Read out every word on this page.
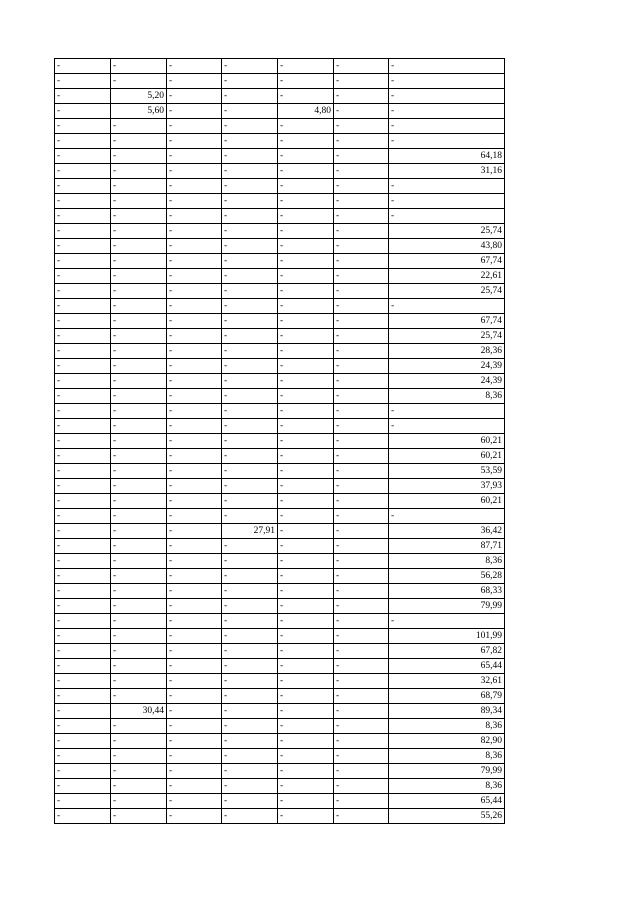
-	-	-	-	-	-	-
-	-	-	-	-	-	-
-	5,20	-	-	-	-	-
-	5,60	-	-	4,80	-	-
-	-	-	-	-	-	-
-	-	-	-	-	-	-
-	-	-	-	-	-	64,18
-	-	-	-	-	-	31,16
-	-	-	-	-	-	-
-	-	-	-	-	-	-
-	-	-	-	-	-	-
-	-	-	-	-	-	25,74
-	-	-	-	-	-	43,80
-	-	-	-	-	-	67,74
-	-	-	-	-	-	22,61
-	-	-	-	-	-	25,74
-	-	-	-	-	-	-
-	-	-	-	-	-	67,74
-	-	-	-	-	-	25,74
-	-	-	-	-	-	28,36
-	-	-	-	-	-	24,39
-	-	-	-	-	-	24,39
-	-	-	-	-	-	8,36
-	-	-	-	-	-	-
-	-	-	-	-	-	-
-	-	-	-	-	-	60,21
-	-	-	-	-	-	60,21
-	-	-	-	-	-	53,59
-	-	-	-	-	-	37,93
-	-	-	-	-	-	60,21
-	-	-	-	-	-	-
-	-	-	27,91	-	-	36,42
-	-	-	-	-	-	87,71
-	-	-	-	-	-	8,36
-	-	-	-	-	-	56,28
-	-	-	-	-	-	68,33
-	-	-	-	-	-	79,99
-	-	-	-	-	-	-
-	-	-	-	-	-	101,99
-	-	-	-	-	-	67,82
-	-	-	-	-	-	65,44
-	-	-	-	-	-	32,61
-	-	-	-	-	-	68,79
-	30,44	-	-	-	-	89,34
-	-	-	-	-	-	8,36
-	-	-	-	-	-	82,90
-	-	-	-	-	-	8,36
-	-	-	-	-	-	79,99
-	-	-	-	-	-	8,36
-	-	-	-	-	-	65,44
-	-	-	-	-	-	55,26
